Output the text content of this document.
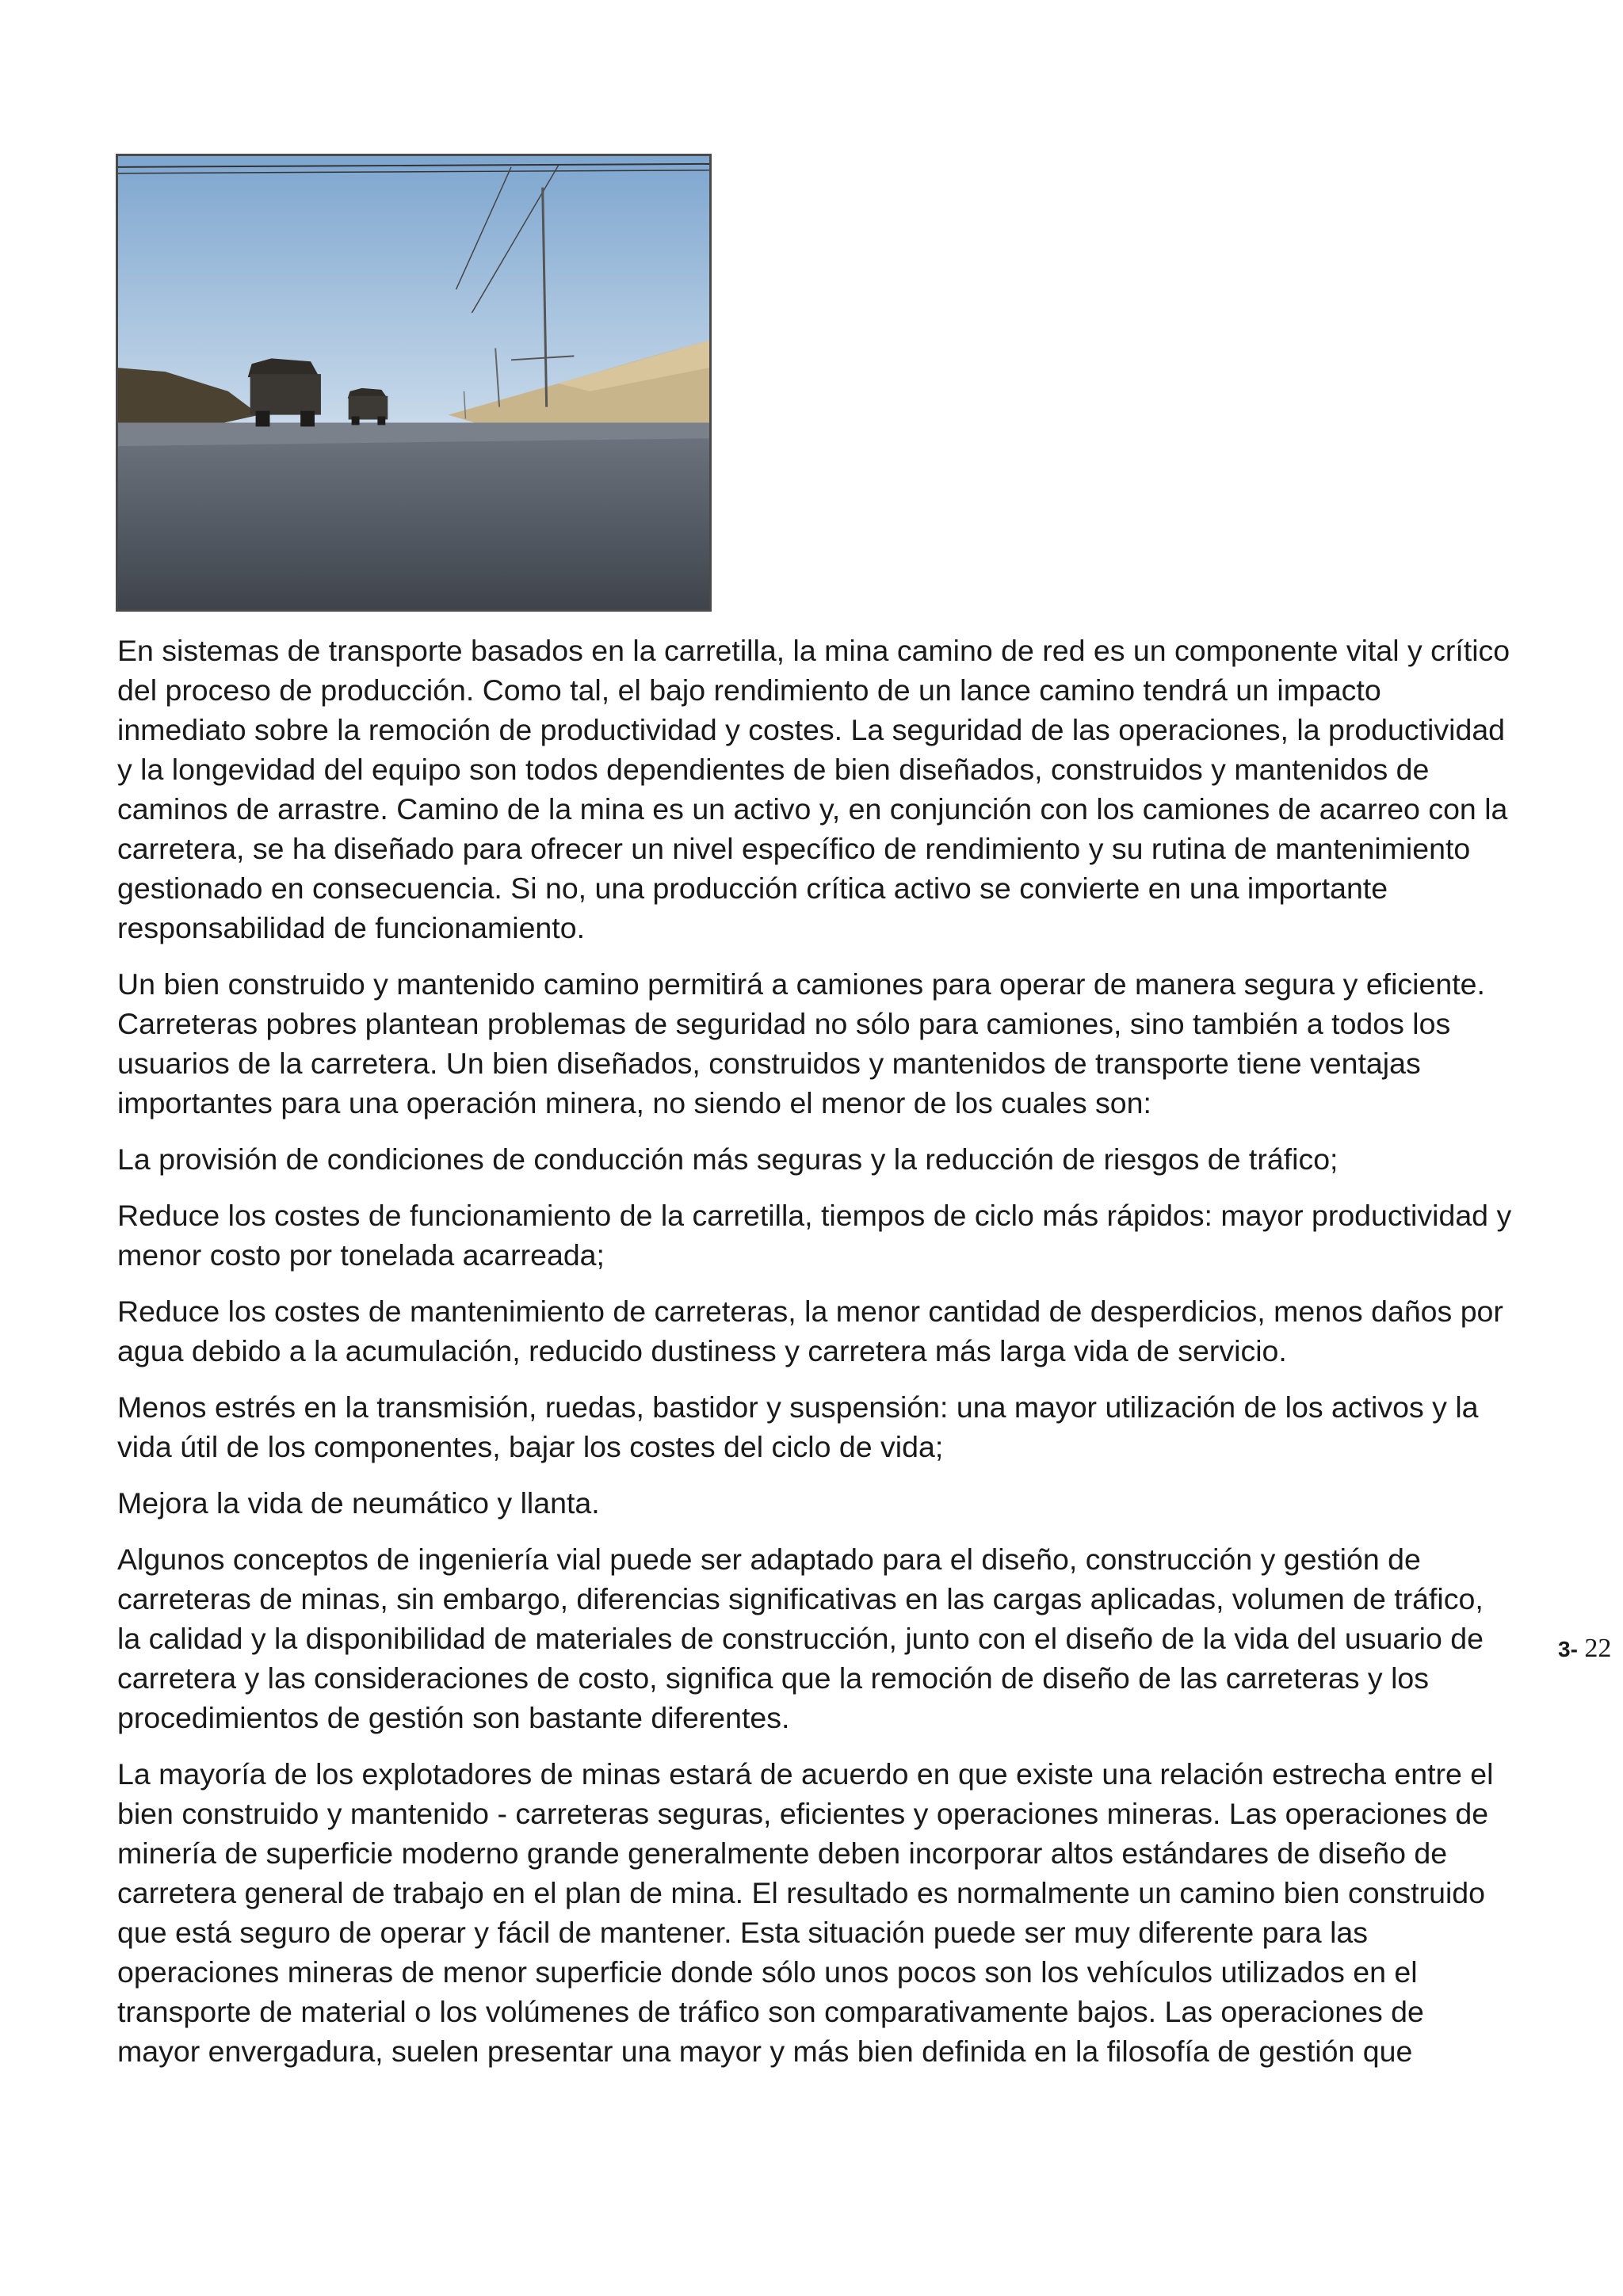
En sistemas de transporte basados en la carretilla, la mina camino de red es un componente vital y crítico del proceso de producción. Como tal, el bajo rendimiento de un lance camino tendrá un impacto inmediato sobre la remoción de productividad y costes. La seguridad de las operaciones, la productividad y la longevidad del equipo son todos dependientes de bien diseñados, construidos y mantenidos de caminos de arrastre. Camino de la mina es un activo y, en conjunción con los camiones de acarreo con la carretera, se ha diseñado para ofrecer un nivel específico de rendimiento y su rutina de mantenimiento gestionado en consecuencia. Si no, una producción crítica activo se convierte en una importante responsabilidad de funcionamiento.

Un bien construido y mantenido camino permitirá a camiones para operar de manera segura y eficiente. Carreteras pobres plantean problemas de seguridad no sólo para camiones, sino también a todos los usuarios de la carretera. Un bien diseñados, construidos y mantenidos de transporte tiene ventajas importantes para una operación minera, no siendo el menor de los cuales son:

La provisión de condiciones de conducción más seguras y la reducción de riesgos de tráfico;

Reduce los costes de funcionamiento de la carretilla, tiempos de ciclo más rápidos: mayor productividad y menor costo por tonelada acarreada;

Reduce los costes de mantenimiento de carreteras, la menor cantidad de desperdicios, menos daños por agua debido a la acumulación, reducido dustiness y carretera más larga vida de servicio.

Menos estrés en la transmisión, ruedas, bastidor y suspensión: una mayor utilización de los activos y la vida útil de los componentes, bajar los costes del ciclo de vida;

Mejora la vida de neumático y llanta.

Algunos conceptos de ingeniería vial puede ser adaptado para el diseño, construcción y gestión de carreteras de minas, sin embargo, diferencias significativas en las cargas aplicadas, volumen de tráfico, la calidad y la disponibilidad de materiales de construcción, junto con el diseño de la vida del usuario de carretera y las consideraciones de costo, significa que la remoción de diseño de las carreteras y los procedimientos de gestión son bastante diferentes.

La mayoría de los explotadores de minas estará de acuerdo en que existe una relación estrecha entre el bien construido y mantenido - carreteras seguras, eficientes y operaciones mineras. Las operaciones de minería de superficie moderno grande generalmente deben incorporar altos estándares de diseño de carretera general de trabajo en el plan de mina. El resultado es normalmente un camino bien construido que está seguro de operar y fácil de mantener. Esta situación puede ser muy diferente para las operaciones mineras de menor superficie donde sólo unos pocos son los vehículos utilizados en el transporte de material o los volúmenes de tráfico son comparativamente bajos. Las operaciones de mayor envergadura, suelen presentar una mayor y más bien definida en la filosofía de gestión que

3- 22
